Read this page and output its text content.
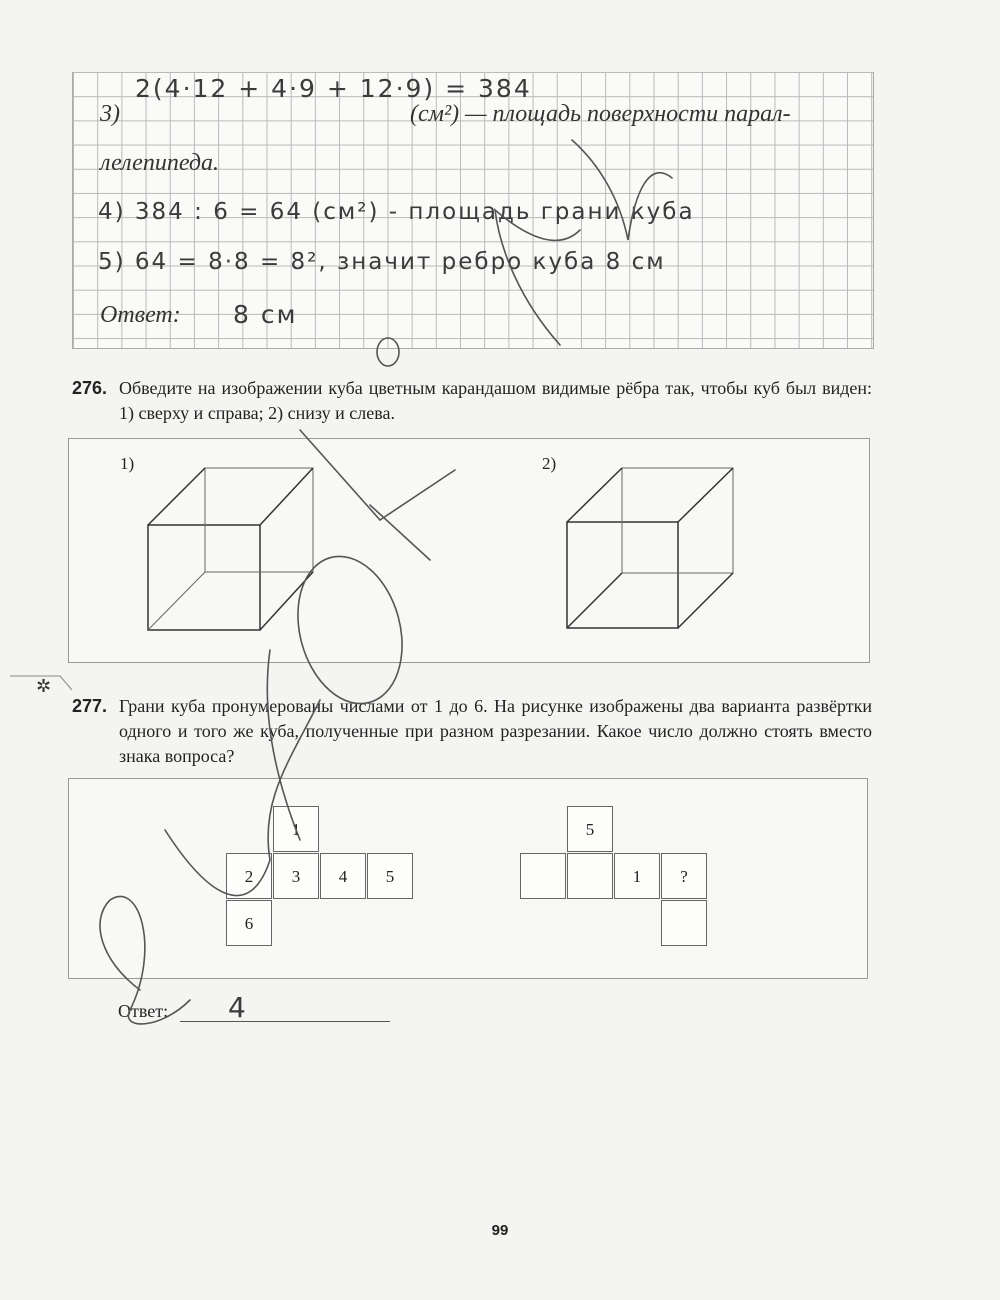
2(4·12 + 4·9 + 12·9) = 384
3)	(см²) — площадь поверхности парал-
лелепипеда.
4) 384 : 6 = 64 (см²) - площадь грани куба
5) 64 = 8·8 = 8², значит ребро куба 8 см
Ответ: 8 см
276. Обведите на изображении куба цветным карандашом видимые рёбра так, чтобы куб был виден: 1) сверху и справа; 2) снизу и слева.
1)	2)
✲
277. Грани куба пронумерованы числами от 1 до 6. На рисунке изображены два варианта развёртки одного и того же куба, полученные при разном разрезании. Какое число должно стоять вместо знака вопроса?
1
2	3	4	5
6
5
1	?
Ответ: 4
99
